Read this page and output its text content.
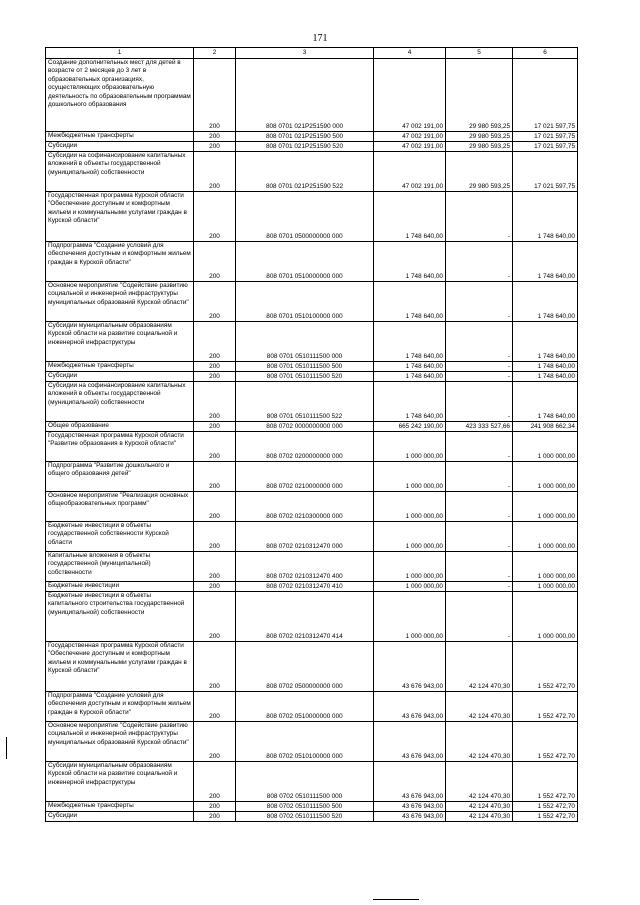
171
1	2	3	4	5	6
Создание дополнительных мест для детей в возрасте от 2 месяцев до 3 лет в образовательных организациях, осуществляющих образовательную деятельность по образовательным программам дошкольного образования	200	808 0701 021P251590 000	47 002 191,00	29 980 593,25	17 021 597,75
Межбюджетные трансферты	200	808 0701 021P251590 500	47 002 191,00	29 980 593,25	17 021 597,75
Субсидии	200	808 0701 021P251590 520	47 002 191,00	29 980 593,25	17 021 597,75
Субсидии на софинансирование капитальных вложений в объекты государственной (муниципальной) собственности	200	808 0701 021P251590 522	47 002 191,00	29 980 593,25	17 021 597,75
Государственная программа Курской области "Обеспечение доступным и комфортным жильем и коммунальными услугами граждан в Курской области"	200	808 0701 0500000000 000	1 748 640,00	-	1 748 640,00
Подпрограмма "Создание условий для обеспечения доступным и комфортным жильем граждан в Курской области"	200	808 0701 0510000000 000	1 748 640,00	-	1 748 640,00
Основное мероприятие "Содействие развитию социальной и инженерной инфраструктуры муниципальных образований Курской области"	200	808 0701 0510100000 000	1 748 640,00	-	1 748 640,00
Субсидии муниципальным образованиям Курской области на развитие социальной и инженерной инфраструктуры	200	808 0701 0510111500 000	1 748 640,00	-	1 748 640,00
Межбюджетные трансферты	200	808 0701 0510111500 500	1 748 640,00	-	1 748 640,00
Субсидии	200	808 0701 0510111500 520	1 748 640,00	-	1 748 640,00
Субсидии на софинансирование капитальных вложений в объекты государственной (муниципальной) собственности	200	808 0701 0510111500 522	1 748 640,00	-	1 748 640,00
Общее образование	200	808 0702 0000000000 000	665 242 190,00	423 333 527,66	241 908 662,34
Государственная программа Курской области "Развитие образования в Курской области"	200	808 0702 0200000000 000	1 000 000,00	-	1 000 000,00
Подпрограмма "Развитие дошкольного и общего образования детей"	200	808 0702 0210000000 000	1 000 000,00	-	1 000 000,00
Основное мероприятие "Реализация основных общеобразовательных программ"	200	808 0702 0210300000 000	1 000 000,00	-	1 000 000,00
Бюджетные инвестиции в объекты государственной собственности Курской области	200	808 0702 0210312470 000	1 000 000,00	-	1 000 000,00
Капитальные вложения в объекты государственной (муниципальной) собственности	200	808 0702 0210312470 400	1 000 000,00	-	1 000 000,00
Бюджетные инвестиции	200	808 0702 0210312470 410	1 000 000,00	-	1 000 000,00
Бюджетные инвестиции в объекты капитального строительства государственной (муниципальной) собственности	200	808 0702 0210312470 414	1 000 000,00	-	1 000 000,00
Государственная программа Курской области "Обеспечение доступным и комфортным жильем и коммунальными услугами граждан в Курской области"	200	808 0702 0500000000 000	43 676 943,00	42 124 470,30	1 552 472,70
Подпрограмма "Создание условий для обеспечения доступным и комфортным жильем граждан в Курской области"	200	808 0702 0510000000 000	43 676 943,00	42 124 470,30	1 552 472,70
Основное мероприятие "Содействие развитию социальной и инженерной инфраструктуры муниципальных образований Курской области"	200	808 0702 0510100000 000	43 676 943,00	42 124 470,30	1 552 472,70
Субсидии муниципальным образованиям Курской области на развитие социальной и инженерной инфраструктуры	200	808 0702 0510111500 000	43 676 943,00	42 124 470,30	1 552 472,70
Межбюджетные трансферты	200	808 0702 0510111500 500	43 676 943,00	42 124 470,30	1 552 472,70
Субсидии	200	808 0702 0510111500 520	43 676 943,00	42 124 470,30	1 552 472,70
